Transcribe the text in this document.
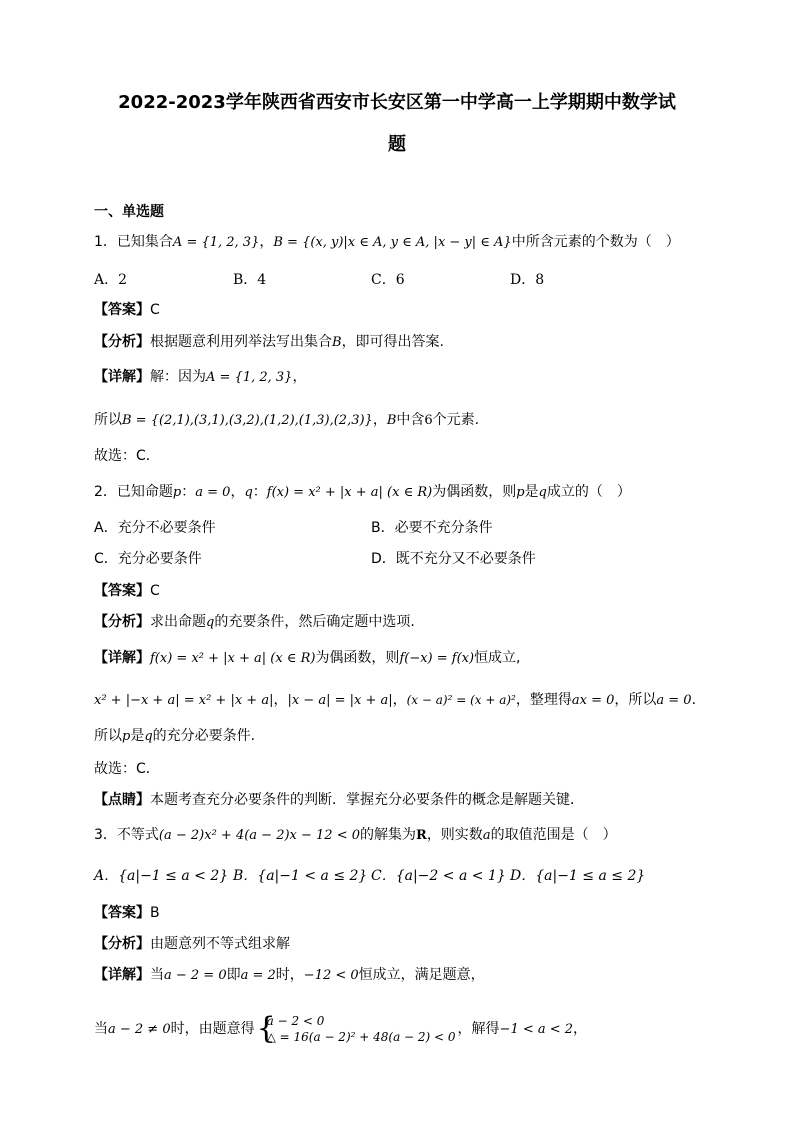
2022-2023学年陕西省西安市长安区第一中学高一上学期期中数学试
题
一、单选题
1．已知集合A = {1, 2, 3}，B = {(x, y)|x ∈ A, y ∈ A, |x − y| ∈ A}中所含元素的个数为（　）
A．2	B．4	C．6	D．8
【答案】C
【分析】根据题意利用列举法写出集合B，即可得出答案.
【详解】解：因为A = {1, 2, 3}，
所以B = {(2,1),(3,1),(3,2),(1,2),(1,3),(2,3)}，B中含6个元素.
故选：C.
2．已知命题p：a = 0，q：f(x) = x² + |x + a| (x ∈ R)为偶函数，则p是q成立的（　）
A．充分不必要条件	B．必要不充分条件
C．充分必要条件	D．既不充分又不必要条件
【答案】C
【分析】求出命题q的充要条件，然后确定题中选项.
【详解】f(x) = x² + |x + a| (x ∈ R)为偶函数，则f(−x) = f(x)恒成立,
x² + |−x + a| = x² + |x + a|，|x − a| = |x + a|，(x − a)² = (x + a)²，整理得ax = 0，所以a = 0.
所以p是q的充分必要条件.
故选：C．
【点睛】本题考查充分必要条件的判断．掌握充分必要条件的概念是解题关键．
3．不等式(a − 2)x² + 4(a − 2)x − 12 < 0的解集为R，则实数a的取值范围是（　）
A．{a|−1 ≤ a < 2} B．{a|−1 < a ≤ 2} C．{a|−2 < a < 1} D．{a|−1 ≤ a ≤ 2}
【答案】B
【分析】由题意列不等式组求解
【详解】当a − 2 = 0即a = 2时，−12 < 0恒成立，满足题意，
当a − 2 ≠ 0时，由题意得 {
a − 2 < 0
△ = 16(a − 2)² + 48(a − 2) < 0 ，解得−1 < a < 2，
